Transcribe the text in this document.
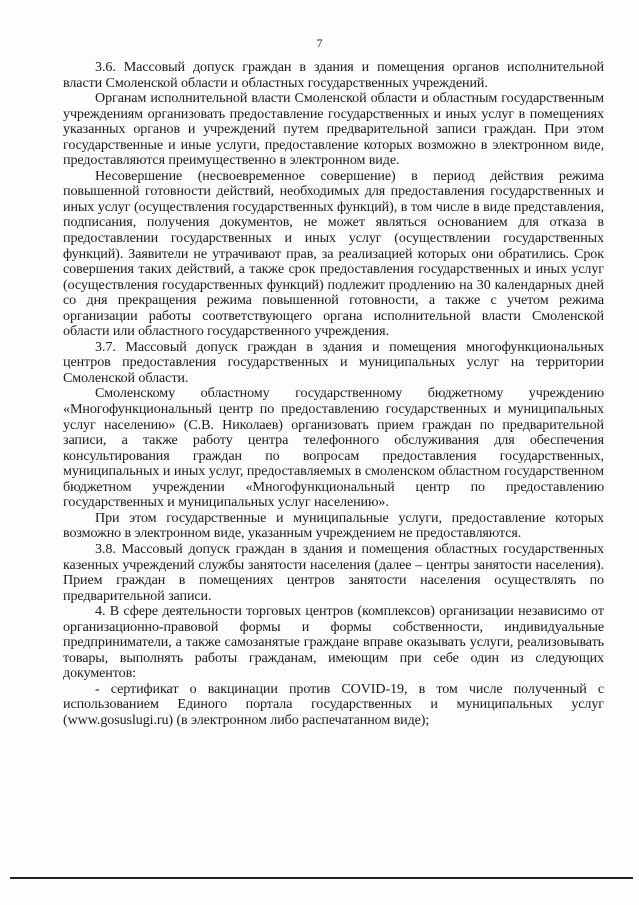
7

3.6. Массовый допуск граждан в здания и помещения органов исполнительной власти Смоленской области и областных государственных учреждений.

Органам исполнительной власти Смоленской области и областным государственным учреждениям организовать предоставление государственных и иных услуг в помещениях указанных органов и учреждений путем предварительной записи граждан. При этом государственные и иные услуги, предоставление которых возможно в электронном виде, предоставляются преимущественно в электронном виде.

Несовершение (несвоевременное совершение) в период действия режима повышенной готовности действий, необходимых для предоставления государственных и иных услуг (осуществления государственных функций), в том числе в виде представления, подписания, получения документов, не может являться основанием для отказа в предоставлении государственных и иных услуг (осуществлении государственных функций). Заявители не утрачивают прав, за реализацией которых они обратились. Срок совершения таких действий, а также срок предоставления государственных и иных услуг (осуществления государственных функций) подлежит продлению на 30 календарных дней со дня прекращения режима повышенной готовности, а также с учетом режима организации работы соответствующего органа исполнительной власти Смоленской области или областного государственного учреждения.

3.7. Массовый допуск граждан в здания и помещения многофункциональных центров предоставления государственных и муниципальных услуг на территории Смоленской области.

Смоленскому областному государственному бюджетному учреждению «Многофункциональный центр по предоставлению государственных и муниципальных услуг населению» (С.В. Николаев) организовать прием граждан по предварительной записи, а также работу центра телефонного обслуживания для обеспечения консультирования граждан по вопросам предоставления государственных, муниципальных и иных услуг, предоставляемых в смоленском областном государственном бюджетном учреждении «Многофункциональный центр по предоставлению государственных и муниципальных услуг населению».

При этом государственные и муниципальные услуги, предоставление которых возможно в электронном виде, указанным учреждением не предоставляются.

3.8. Массовый допуск граждан в здания и помещения областных государственных казенных учреждений службы занятости населения (далее – центры занятости населения). Прием граждан в помещениях центров занятости населения осуществлять по предварительной записи.

4. В сфере деятельности торговых центров (комплексов) организации независимо от организационно-правовой формы и формы собственности, индивидуальные предприниматели, а также самозанятые граждане вправе оказывать услуги, реализовывать товары, выполнять работы гражданам, имеющим при себе один из следующих документов:

- сертификат о вакцинации против COVID-19, в том числе полученный с использованием Единого портала государственных и муниципальных услуг (www.gosuslugi.ru) (в электронном либо распечатанном виде);
